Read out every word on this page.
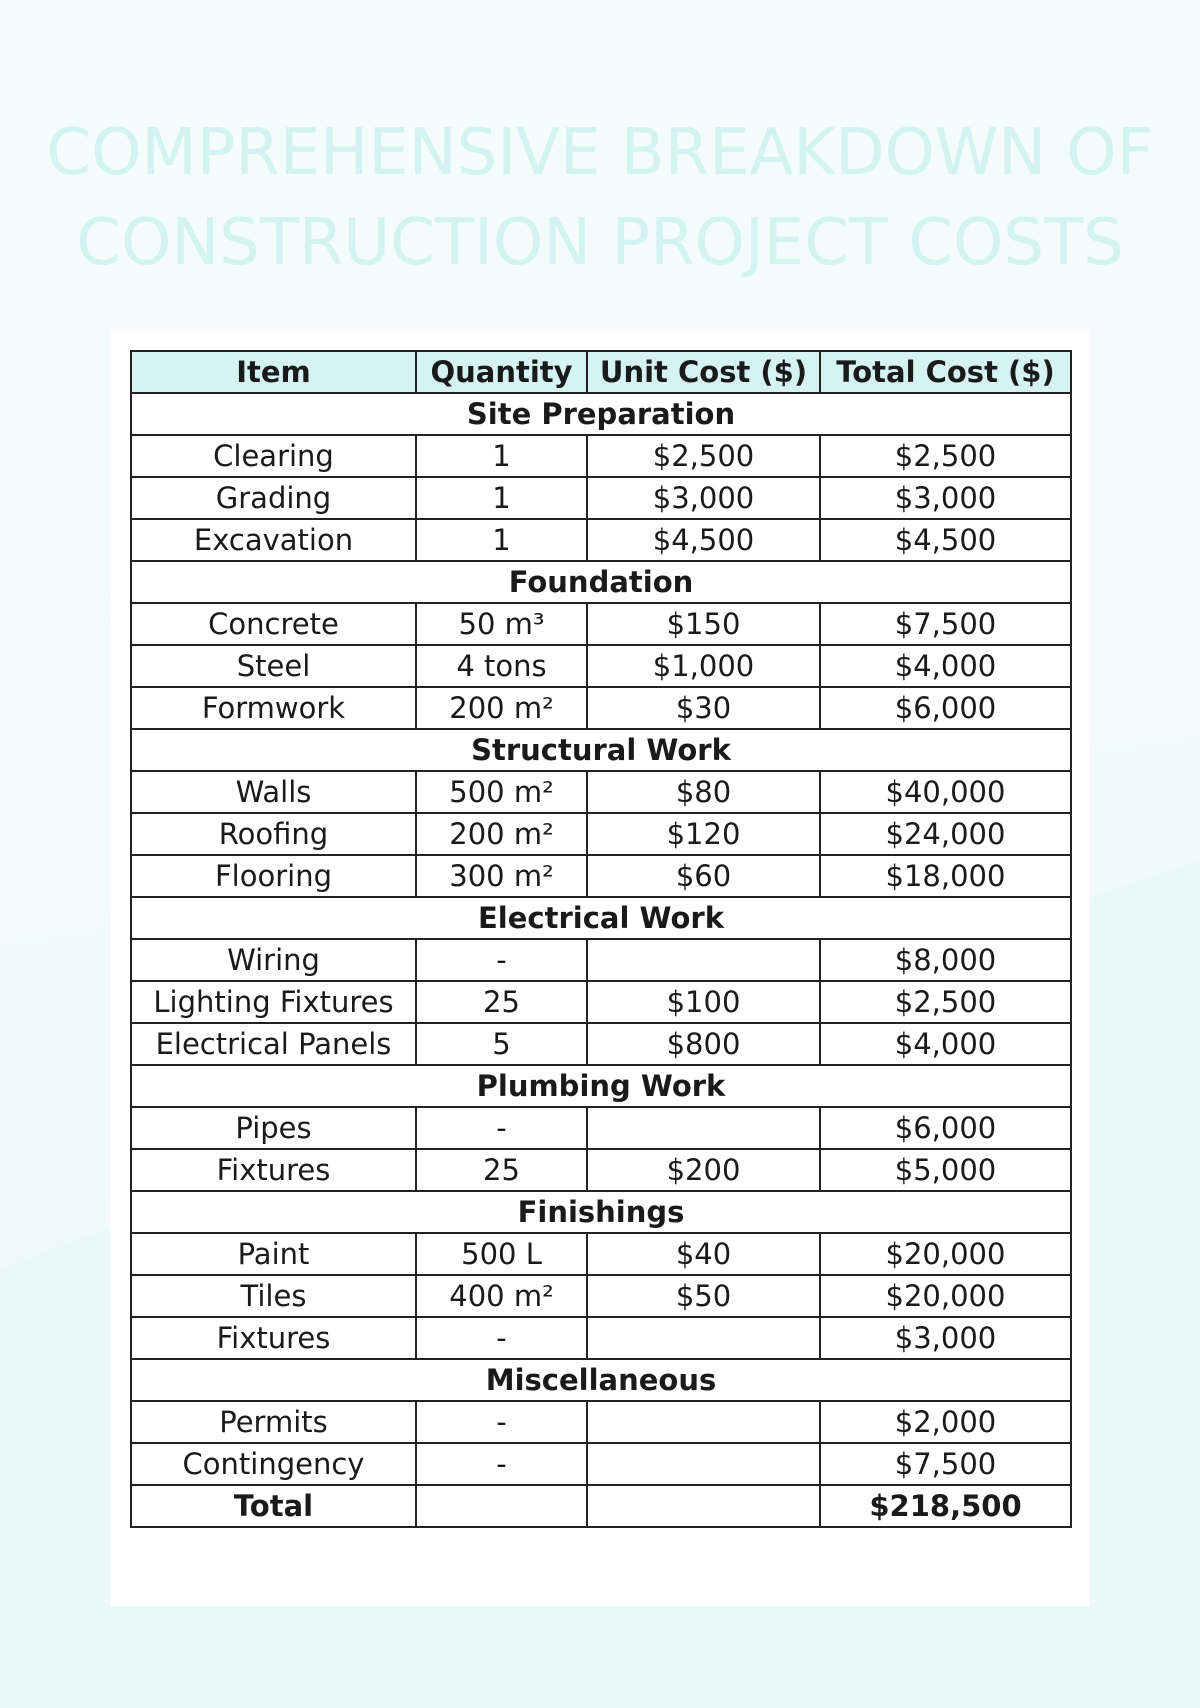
COMPREHENSIVE BREAKDOWN OF
CONSTRUCTION PROJECT COSTS
Item	Quantity	Unit Cost ($)	Total Cost ($)
Site Preparation			
Clearing	1	$2,500	$2,500
Grading	1	$3,000	$3,000
Excavation	1	$4,500	$4,500
Foundation			
Concrete	50 m³	$150	$7,500
Steel	4 tons	$1,000	$4,000
Formwork	200 m²	$30	$6,000
Structural Work			
Walls	500 m²	$80	$40,000
Roofing	200 m²	$120	$24,000
Flooring	300 m²	$60	$18,000
Electrical Work			
Wiring	-		$8,000
Lighting Fixtures	25	$100	$2,500
Electrical Panels	5	$800	$4,000
Plumbing Work			
Pipes	-		$6,000
Fixtures	25	$200	$5,000
Finishings			
Paint	500 L	$40	$20,000
Tiles	400 m²	$50	$20,000
Fixtures	-		$3,000
Miscellaneous			
Permits	-		$2,000
Contingency	-		$7,500
Total			$218,500
